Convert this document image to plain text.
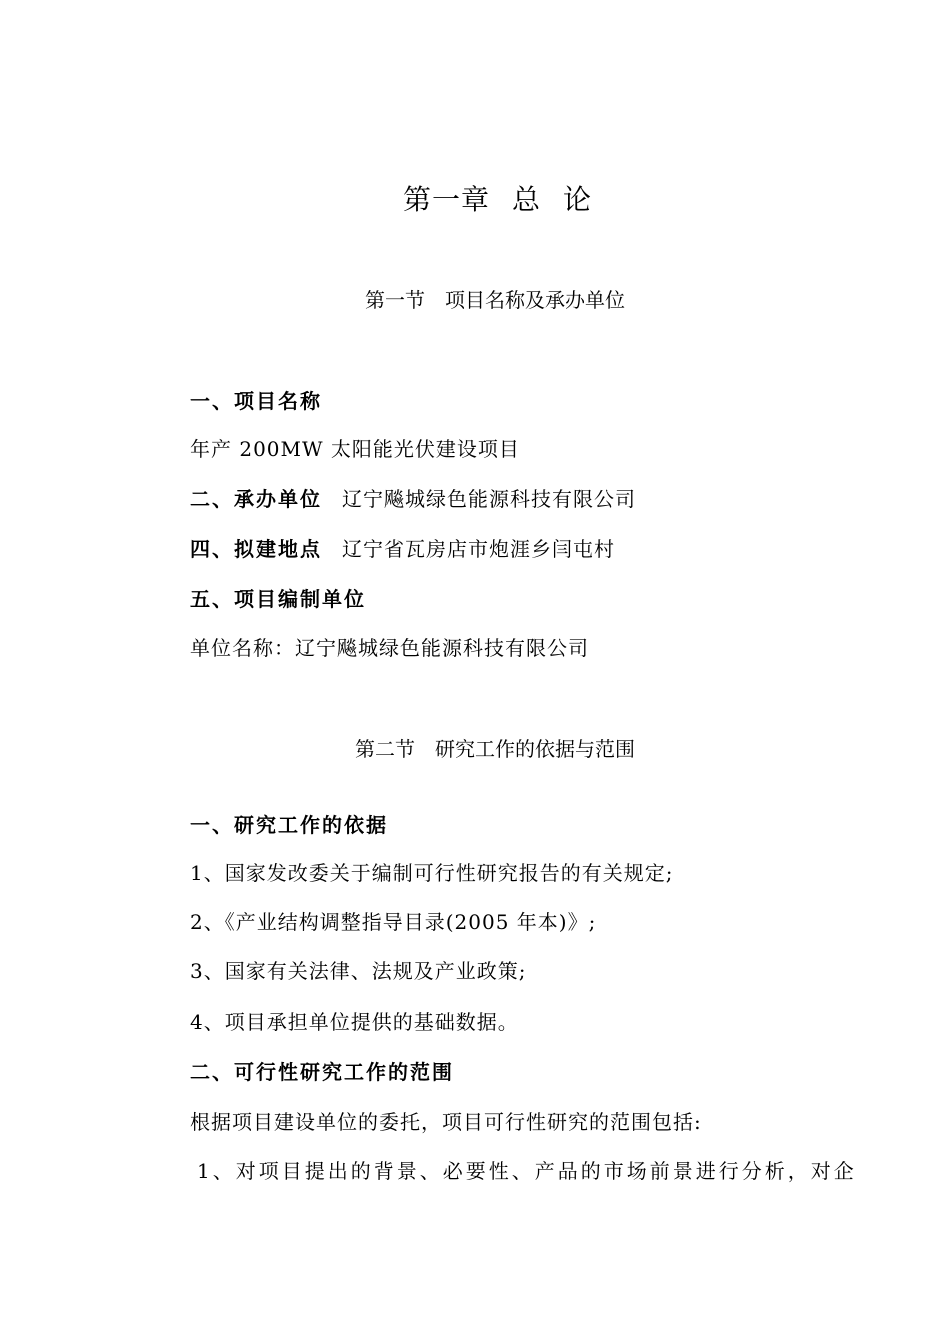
第一章 总 论
第一节 项目名称及承办单位
一、项目名称
年产 200MW 太阳能光伏建设项目
二、承办单位 辽宁飚城绿色能源科技有限公司
四、拟建地点 辽宁省瓦房店市炮涯乡闫屯村
五、项目编制单位
单位名称：辽宁飚城绿色能源科技有限公司
第二节 研究工作的依据与范围
一、研究工作的依据
1、国家发改委关于编制可行性研究报告的有关规定;
2、《产业结构调整指导目录(2005 年本)》;
3、国家有关法律、法规及产业政策;
4、项目承担单位提供的基础数据。
二、可行性研究工作的范围
根据项目建设单位的委托，项目可行性研究的范围包括:
1、对项目提出的背景、必要性、产品的市场前景进行分析，对企
